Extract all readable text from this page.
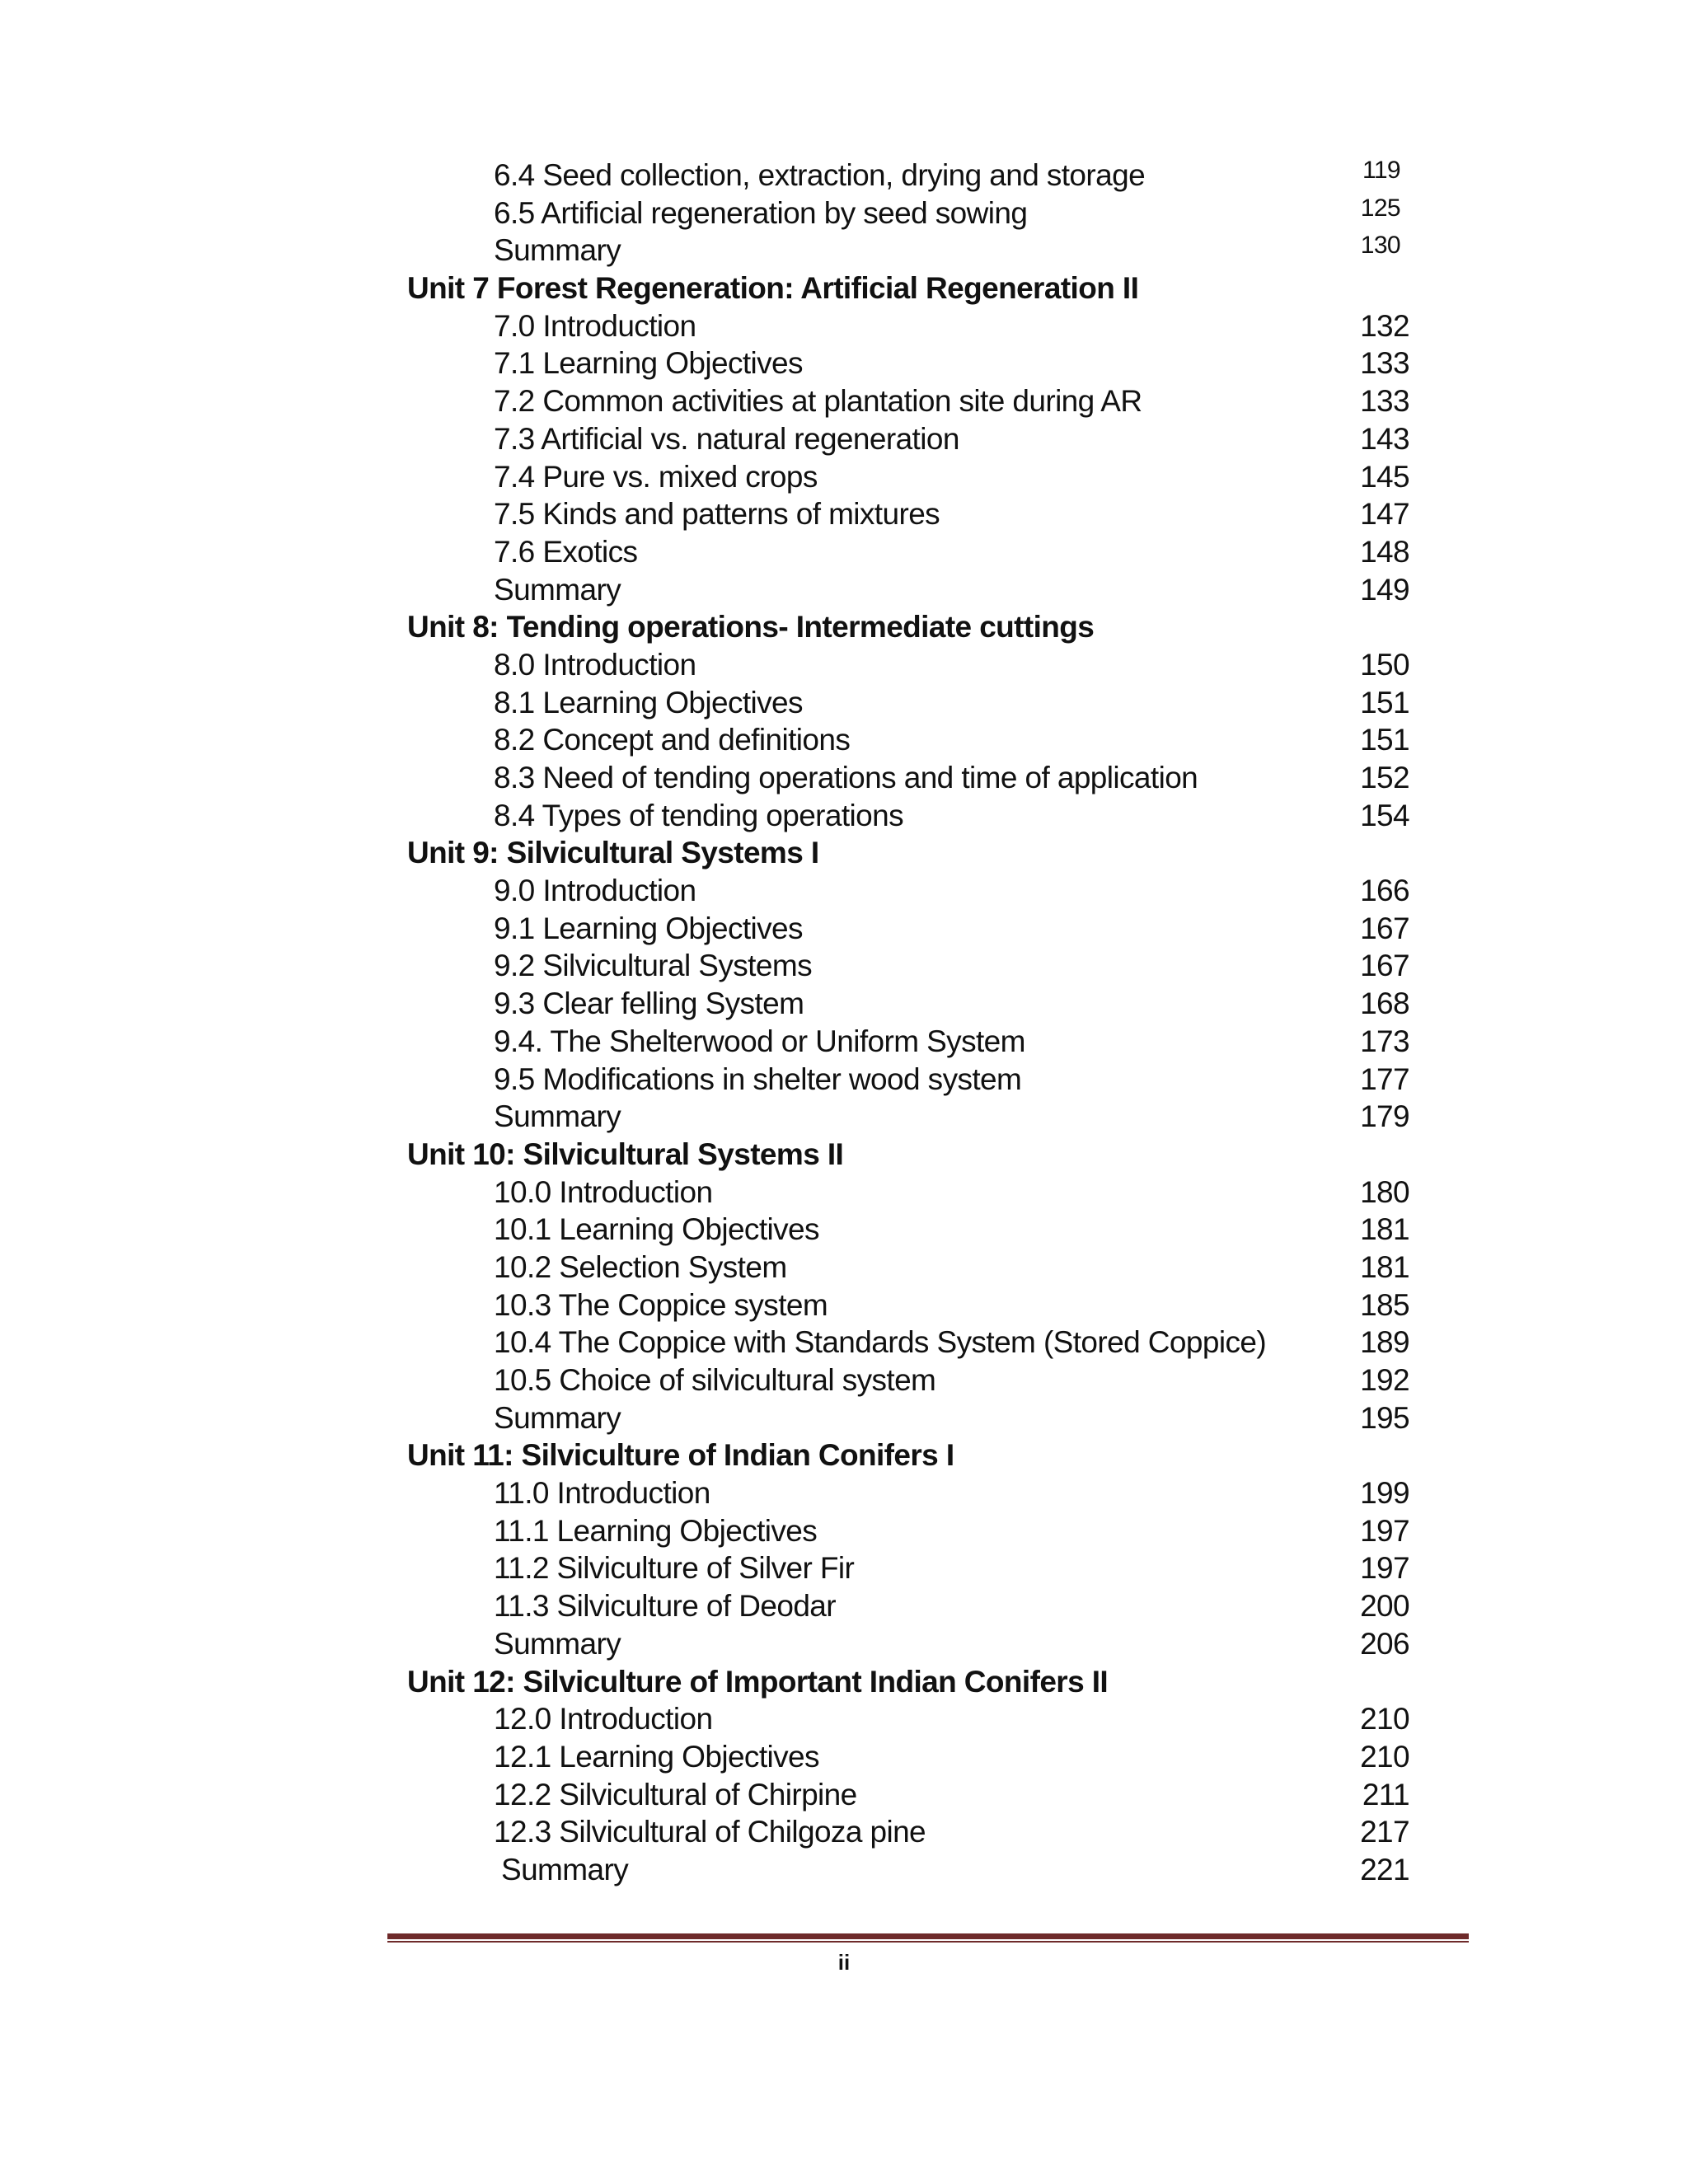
6.4 Seed collection, extraction, drying and storage	119
6.5 Artificial regeneration by seed sowing	125
Summary	130
Unit 7 Forest Regeneration: Artificial Regeneration II
7.0 Introduction	132
7.1 Learning Objectives	133
7.2 Common activities at plantation site during AR	133
7.3 Artificial vs. natural regeneration	143
7.4 Pure vs. mixed crops	145
7.5 Kinds and patterns of mixtures	147
7.6 Exotics	148
Summary	149
Unit 8: Tending operations- Intermediate cuttings
8.0 Introduction	150
8.1 Learning Objectives	151
8.2 Concept and definitions	151
8.3 Need of tending operations and time of application	152
8.4 Types of tending operations	154
Unit 9: Silvicultural Systems I
9.0 Introduction	166
9.1 Learning Objectives	167
9.2 Silvicultural Systems	167
9.3 Clear felling System	168
9.4. The Shelterwood or Uniform System	173
9.5 Modifications in shelter wood system	177
Summary	179
Unit 10: Silvicultural Systems II
10.0 Introduction	180
10.1 Learning Objectives	181
10.2 Selection System	181
10.3 The Coppice system	185
10.4 The Coppice with Standards System (Stored Coppice)	189
10.5 Choice of silvicultural system	192
Summary	195
Unit 11: Silviculture of Indian Conifers I
11.0 Introduction	199
11.1 Learning Objectives	197
11.2 Silviculture of Silver Fir	197
11.3 Silviculture of Deodar	200
Summary	206
Unit 12: Silviculture of Important Indian Conifers II
12.0 Introduction	210
12.1 Learning Objectives	210
12.2 Silvicultural of Chirpine	211
12.3 Silvicultural of Chilgoza pine	217
Summary	221
ii
